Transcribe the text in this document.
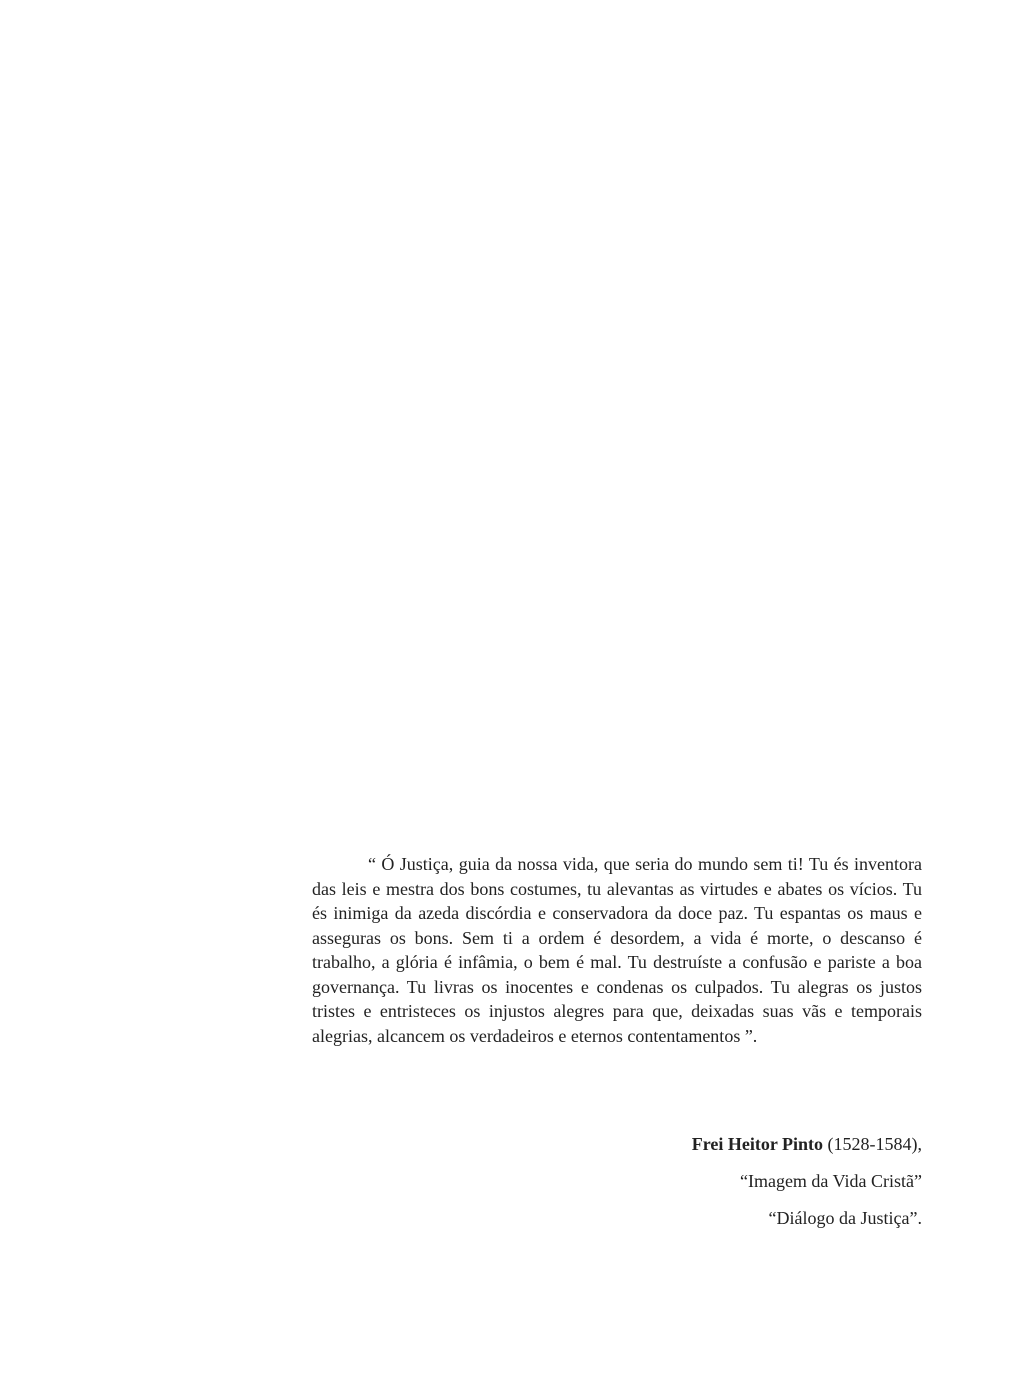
“ Ó Justiça, guia da nossa vida, que seria do mundo sem ti! Tu és inventora das leis e mestra dos bons costumes, tu alevantas as virtudes e abates os vícios. Tu és inimiga da azeda discórdia e conservadora da doce paz. Tu espantas os maus e asseguras os bons. Sem ti a ordem é desordem, a vida é morte, o descanso é trabalho, a glória é infâmia, o bem é mal. Tu destruíste a confusão e pariste a boa governança. Tu livras os inocentes e condenas os culpados. Tu alegras os justos tristes e entristeces os injustos alegres para que, deixadas suas vãs e temporais alegrias, alcancem os verdadeiros e eternos contentamentos ”.

Frei Heitor Pinto (1528-1584),
“Imagem da Vida Cristã”
“Diálogo da Justiça”.
